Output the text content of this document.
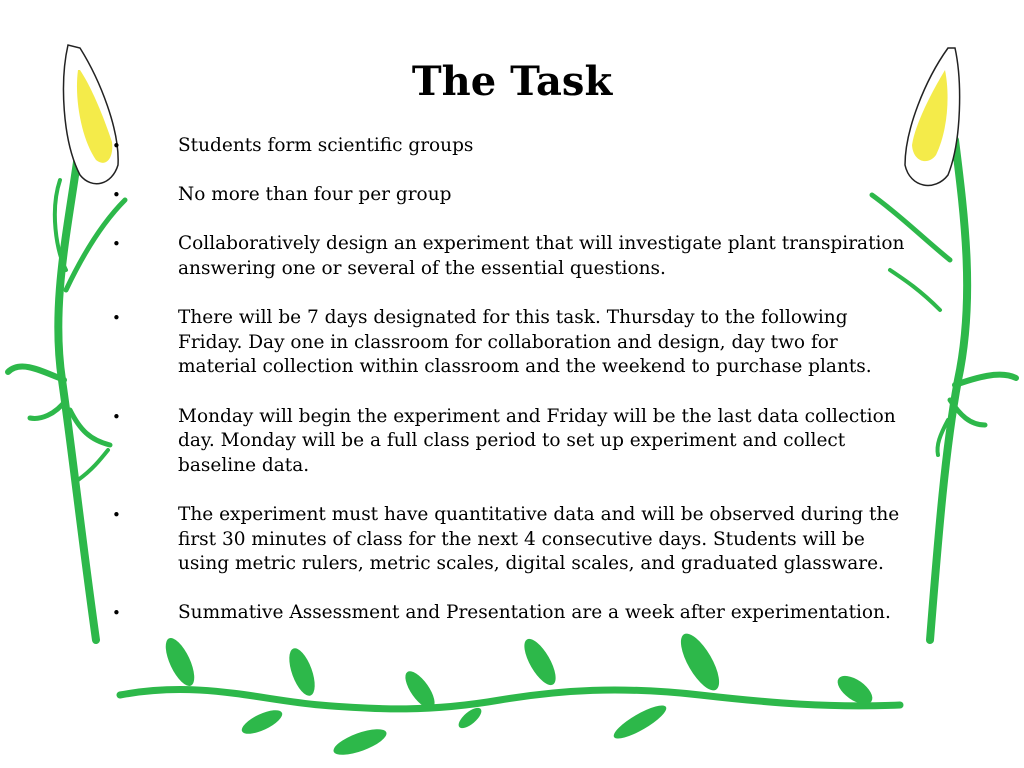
The Task
•	Students form scientific groups
•	No more than four per group
•	Collaboratively design an experiment that will investigate plant transpiration answering one or several of the essential questions.
•	There will be 7 days designated for this task. Thursday to the following Friday. Day one in classroom for collaboration and design, day two for material collection within classroom and the weekend to purchase plants.
•	Monday will begin the experiment and Friday will be the last data collection day. Monday will be a full class period to set up experiment and collect baseline data.
•	The experiment must have quantitative data and will be observed during the first 30 minutes of class for the next 4 consecutive days. Students will be using metric rulers, metric scales, digital scales, and graduated glassware.
•	Summative Assessment and Presentation are a week after experimentation.
